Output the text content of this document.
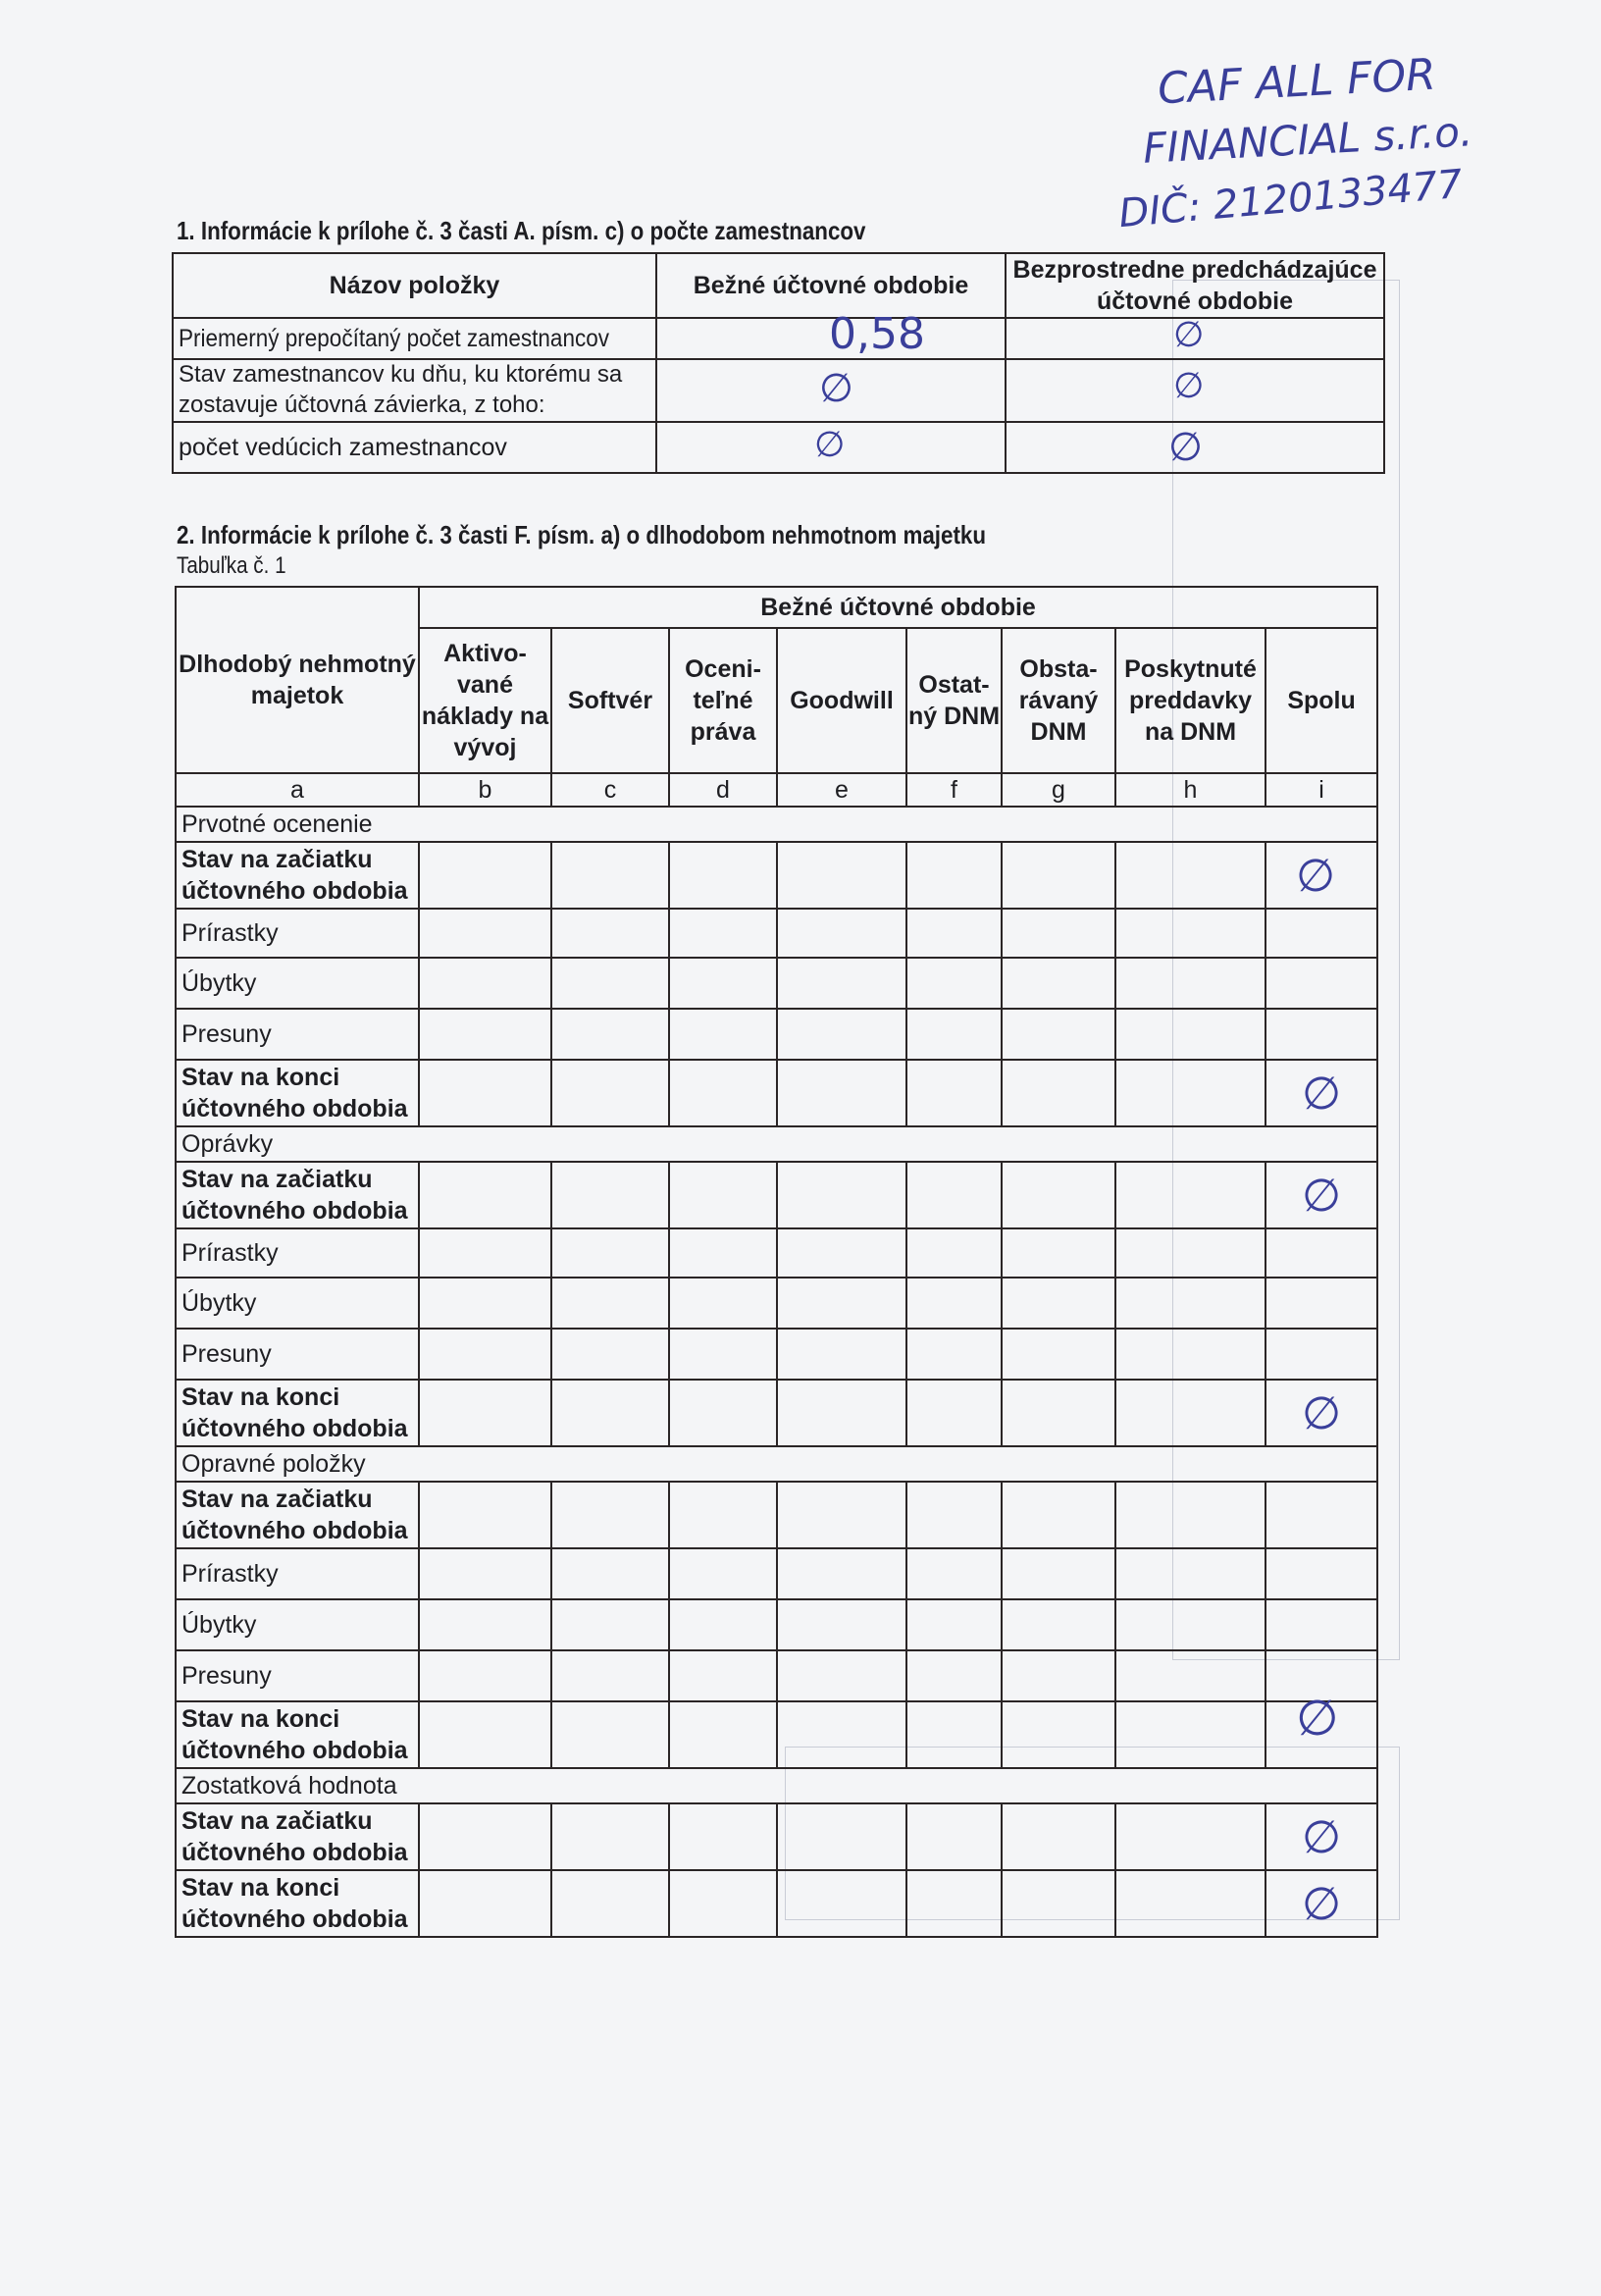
CAF ALL FOR
FINANCIAL s.r.o.
DIČ: 2120133477
1. Informácie k prílohe č. 3 časti A. písm. c) o počte zamestnancov
Názov položky	Bežné účtovné obdobie	Bezprostredne predchádzajúce účtovné obdobie
Priemerný prepočítaný počet zamestnancov	0,58	∅

Stav zamestnancov ku dňu, ku ktorému sa zostavuje účtovná závierka, z toho:	∅	∅

počet vedúcich zamestnancov	∅	∅
2. Informácie k prílohe č. 3 časti F. písm. a) o dlhodobom nehmotnom majetku
Tabuľka č. 1
Dlhodobý nehmotný majetok	Bežné účtovné obdobie							
	Aktivo- vané náklady na vývoj	Softvér	Oceni- teľné práva	Goodwill	Ostat- ný DNM	Obsta- rávaný DNM	Poskytnuté preddavky na DNM	Spolu
a	b	c	d	e	f	g	h	i
Prvotné ocenenie								
Stav na začiatku účtovného obdobia								∅

Prírastky								
Úbytky								
Presuny								
Stav na konci účtovného obdobia								∅

Oprávky								
Stav na začiatku účtovného obdobia								∅

Prírastky								
Úbytky								
Presuny								
Stav na konci účtovného obdobia								∅

Opravné položky								
Stav na začiatku účtovného obdobia								
Prírastky								
Úbytky								
Presuny								
Stav na konci účtovného obdobia								∅

Zostatková hodnota								
Stav na začiatku účtovného obdobia								∅

Stav na konci účtovného obdobia								∅
